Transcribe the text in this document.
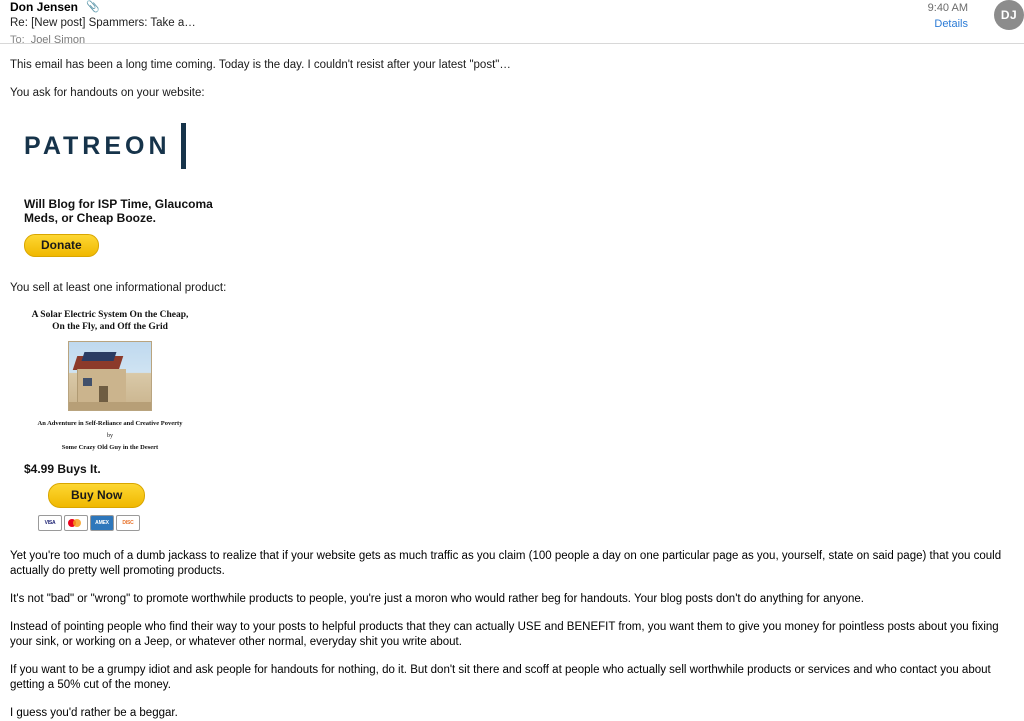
Don Jensen 📎
Re: [New post] Spammers: Take a…
To: Joel Simon
9:40 AM
Details
DJ

This email has been a long time coming. Today is the day. I couldn't resist after your latest "post"…

You ask for handouts on your website:

PATREON
Will Blog for ISP Time, Glaucoma Meds, or Cheap Booze.
Donate

You sell at least one informational product:

A Solar Electric System On the Cheap, On the Fly, and Off the Grid
An Adventure in Self-Reliance and Creative Poverty
by
Some Crazy Old Guy in the Desert
$4.99 Buys It.
Buy Now
VISA	AMEX	DISC

Yet you're too much of a dumb jackass to realize that if your website gets as much traffic as you claim (100 people a day on one particular page as you, yourself, state on said page) that you could actually do pretty well promoting products.

It's not "bad" or "wrong" to promote worthwhile products to people, you're just a moron who would rather beg for handouts. Your blog posts don't do anything for anyone.

Instead of pointing people who find their way to your posts to helpful products that they can actually USE and BENEFIT from, you want them to give you money for pointless posts about you fixing your sink, or working on a Jeep, or whatever other normal, everyday shit you write about.

If you want to be a grumpy idiot and ask people for handouts for nothing, do it. But don't sit there and scoff at people who actually sell worthwhile products or services and who contact you about getting a 50% cut of the money.

I guess you'd rather be a beggar.
